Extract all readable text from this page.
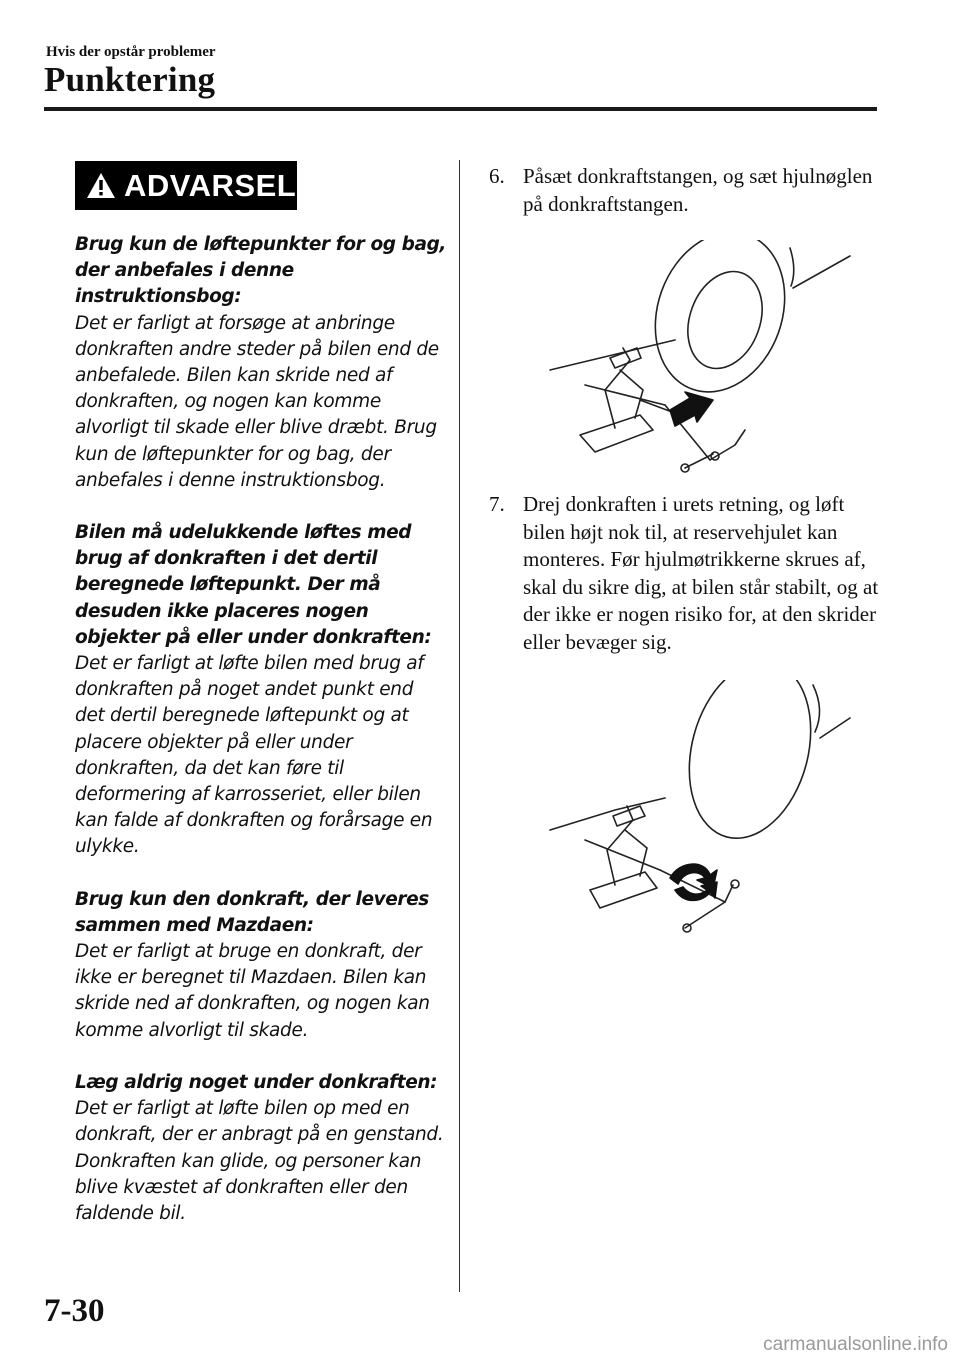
Hvis der opstår problemer
Punktering
ADVARSEL
Brug kun de løftepunkter for og bag, der anbefales i denne instruktionsbog:
Det er farligt at forsøge at anbringe donkraften andre steder på bilen end de anbefalede. Bilen kan skride ned af donkraften, og nogen kan komme alvorligt til skade eller blive dræbt. Brug kun de løftepunkter for og bag, der anbefales i denne instruktionsbog.
Bilen må udelukkende løftes med brug af donkraften i det dertil beregnede løftepunkt. Der må desuden ikke placeres nogen objekter på eller under donkraften:
Det er farligt at løfte bilen med brug af donkraften på noget andet punkt end det dertil beregnede løftepunkt og at placere objekter på eller under donkraften, da det kan føre til deformering af karrosseriet, eller bilen kan falde af donkraften og forårsage en ulykke.
Brug kun den donkraft, der leveres sammen med Mazdaen:
Det er farligt at bruge en donkraft, der ikke er beregnet til Mazdaen. Bilen kan skride ned af donkraften, og nogen kan komme alvorligt til skade.
Læg aldrig noget under donkraften:
Det er farligt at løfte bilen op med en donkraft, der er anbragt på en genstand. Donkraften kan glide, og personer kan blive kvæstet af donkraften eller den faldende bil.
6. Påsæt donkraftstangen, og sæt hjulnøglen på donkraftstangen.
7. Drej donkraften i urets retning, og løft bilen højt nok til, at reservehjulet kan monteres. Før hjulmøtrikkerne skrues af, skal du sikre dig, at bilen står stabilt, og at der ikke er nogen risiko for, at den skrider eller bevæger sig.
7-30
carmanualsonline.info
